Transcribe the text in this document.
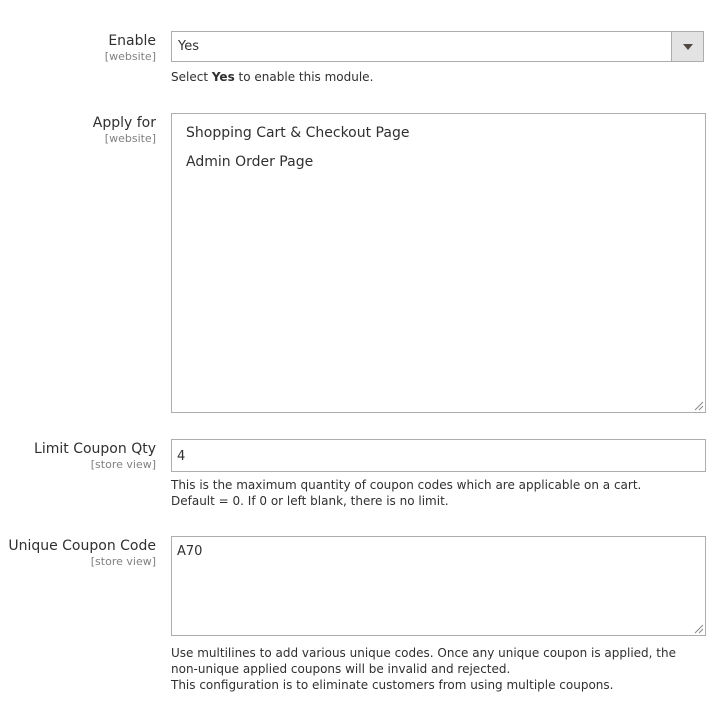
Enable
[website]
Yes
Select Yes to enable this module.
Apply for
[website] Shopping Cart & Checkout Page
Admin Order Page
Limit Coupon Qty
[store view]
4
This is the maximum quantity of coupon codes which are applicable on a cart.
Default = 0. If 0 or left blank, there is no limit.
Unique Coupon Code
[store view]
A70
Use multilines to add various unique codes. Once any unique coupon is applied, the non-unique applied coupons will be invalid and rejected.
This configuration is to eliminate customers from using multiple coupons.
